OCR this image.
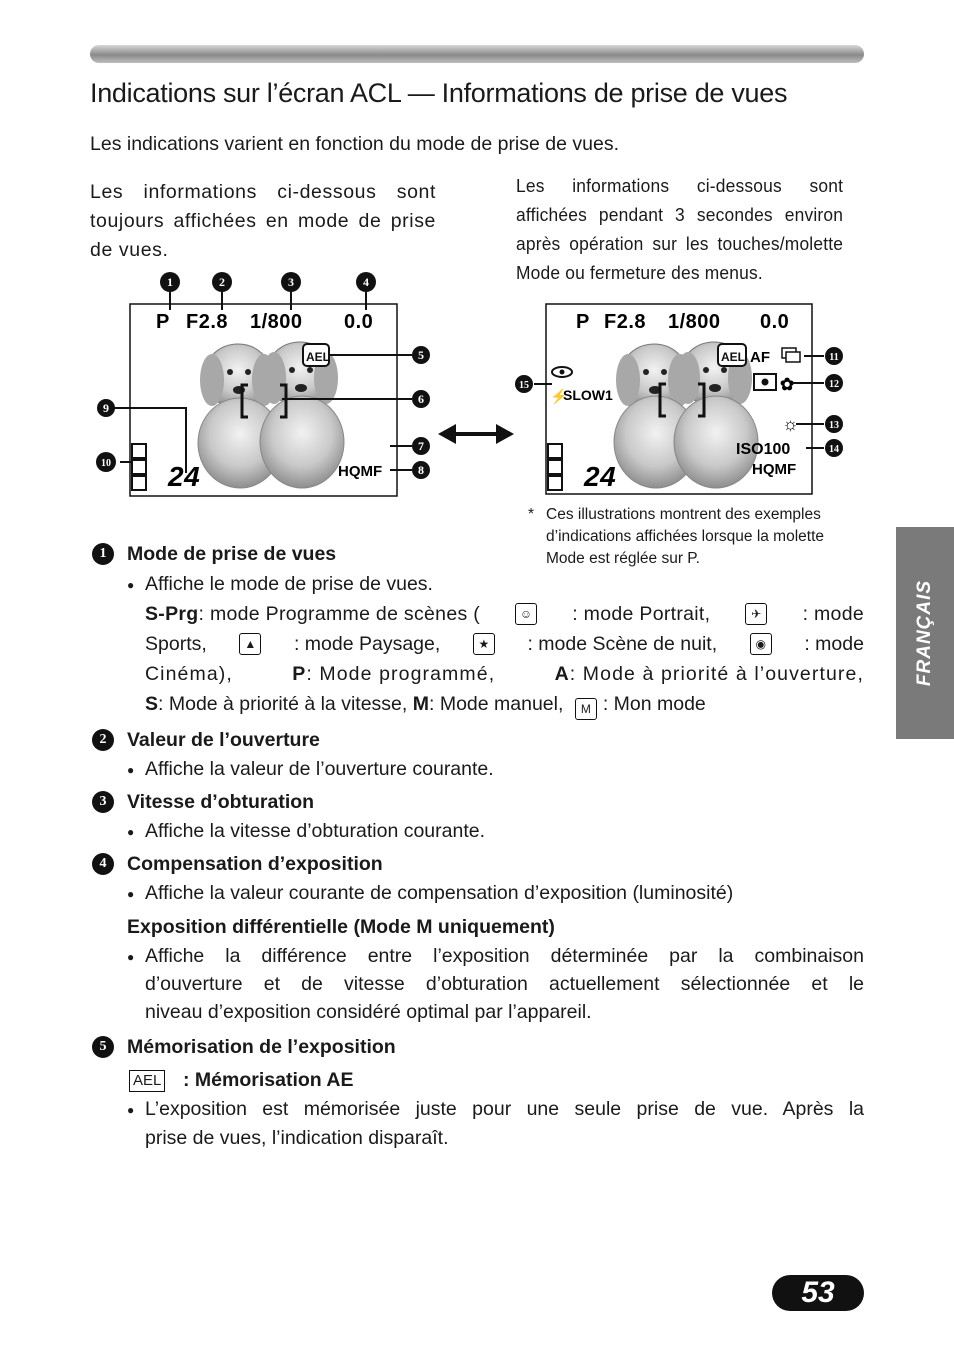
Indications sur l’écran ACL — Informations de prise de vues
Les indications varient en fonction du mode de prise de vues.
Les informations ci-dessous sont toujours affichées en mode de prise de vues.
Les informations ci-dessous sont affichées pendant 3 secondes environ après opération sur les touches/molette Mode ou fermeture des menus.
P F2.8 1/800 0.0
AEL
HQMF
24
1	2	3	4
5
6
7
8
9
10
P F2.8 1/800 0.0
⚡
SLOW1
AEL AF
✿
☼
ISO100
HQMF
24
11
12
13
14
15
* Ces illustrations montrent des exemples d’indications affichées lorsque la molette Mode est réglée sur P.
FRANÇAIS
1	Mode de prise de vues
● Affiche le mode de prise de vues.
S-Prg: mode Programme de scènes (	☺ : mode Portrait,	✈ : mode
Sports,	▲ : mode Paysage,	★ : mode Scène de nuit,	◉ : mode
Cinéma),	P: Mode programmé,	A: Mode à priorité à l’ouverture,
S: Mode à priorité à la vitesse, M: Mode manuel, M : Mon mode
2	Valeur de l’ouverture
● Affiche la valeur de l’ouverture courante.
3	Vitesse d’obturation
● Affiche la vitesse d’obturation courante.
4	Compensation d’exposition
● Affiche la valeur courante de compensation d’exposition (luminosité)
Exposition différentielle (Mode M uniquement)
● Affiche la différence entre l’exposition déterminée par la combinaison
d’ouverture et de vitesse d’obturation actuellement sélectionnée et le
niveau d’exposition considéré optimal par l’appareil.
5	Mémorisation de l’exposition
AEL : Mémorisation AE
● L’exposition est mémorisée juste pour une seule prise de vue. Après la
prise de vues, l’indication disparaît.
53
